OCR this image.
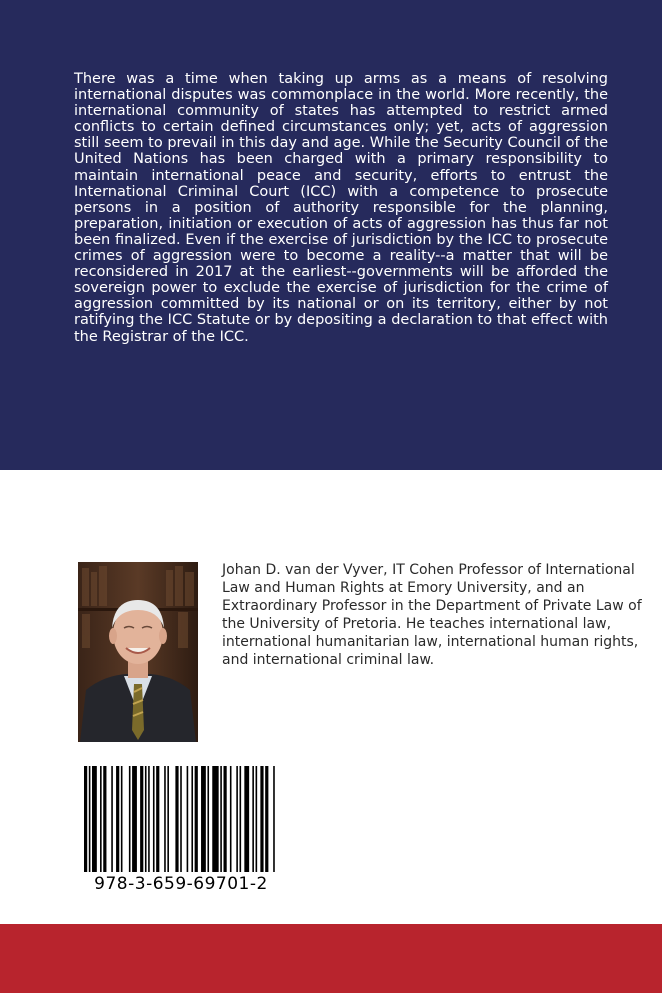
There was a time when taking up arms as a means of resolving international disputes was commonplace in the world. More recently, the international community of states has attempted to restrict armed conflicts to certain defined circumstances only; yet, acts of aggression still seem to prevail in this day and age. While the Security Council of the United Nations has been charged with a primary responsibility to maintain international peace and security, efforts to entrust the International Criminal Court (ICC) with a competence to prosecute persons in a position of authority responsible for the planning, preparation, initiation or execution of acts of aggression has thus far not been finalized. Even if the exercise of jurisdiction by the ICC to prosecute crimes of aggression were to become a reality--a matter that will be reconsidered in 2017 at the earliest--governments will be afforded the sovereign power to exclude the exercise of jurisdiction for the crime of aggression committed by its national or on its territory, either by not ratifying the ICC Statute or by depositing a declaration to that effect with the Registrar of the ICC.

Johan D. van der Vyver, IT Cohen Professor of International Law and Human Rights at Emory University, and an Extraordinary Professor in the Department of Private Law of the University of Pretoria. He teaches international law, international humanitarian law, international human rights, and international criminal law.

978-3-659-69701-2
